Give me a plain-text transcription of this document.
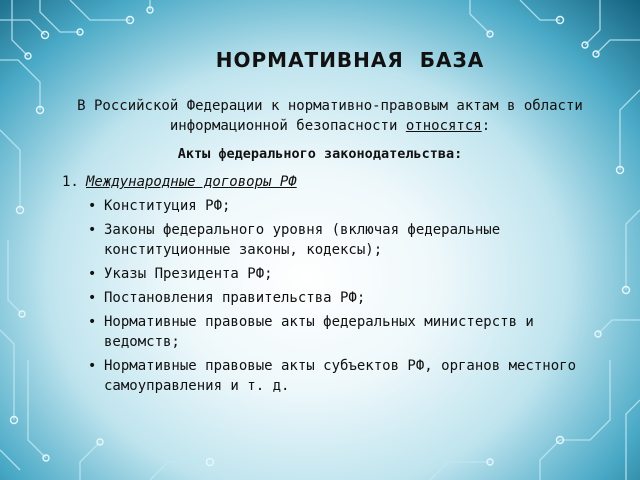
НОРМАТИВНАЯ БАЗА
В Российской Федерации к нормативно-правовым актам в области информационной безопасности относятся:
Акты федерального законодательства:
1. Международные договоры РФ
• Конституция РФ;
• Законы федерального уровня (включая федеральные конституционные законы, кодексы);
• Указы Президента РФ;
• Постановления правительства РФ;
• Нормативные правовые акты федеральных министерств и ведомств;
• Нормативные правовые акты субъектов РФ, органов местного самоуправления и т. д.
